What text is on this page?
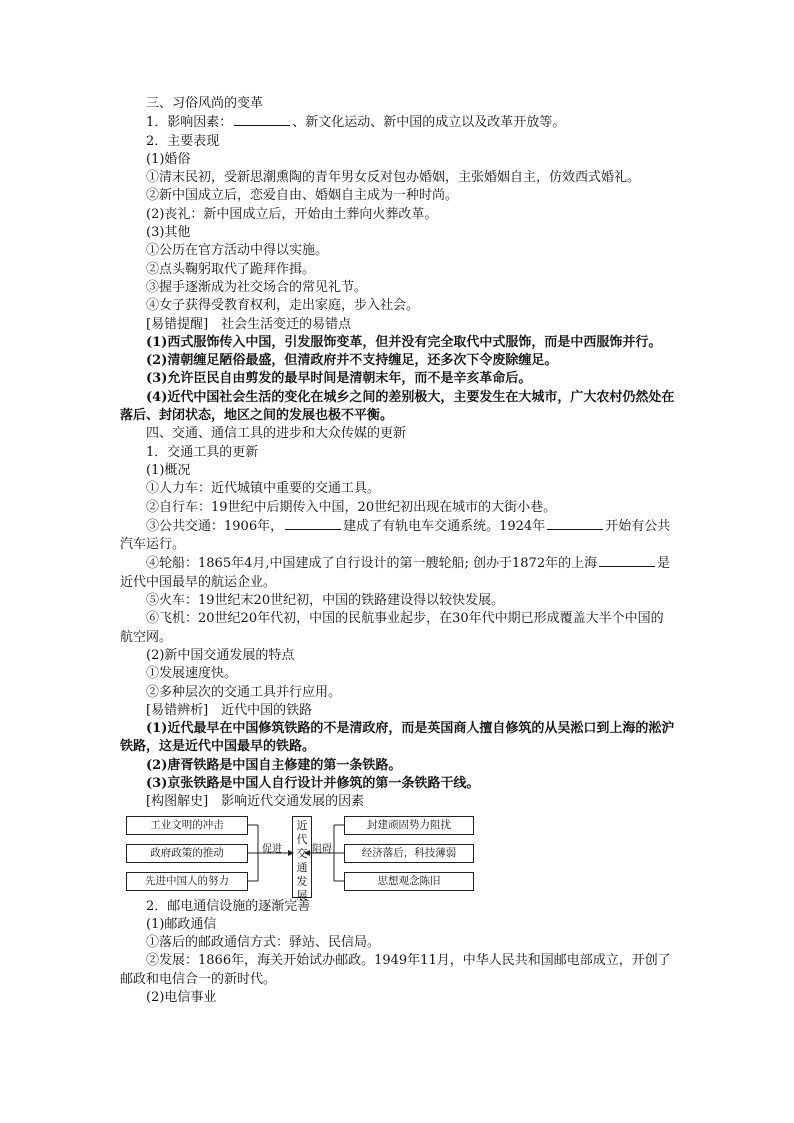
三、习俗风尚的变革
1．影响因素：	、新文化运动、新中国的成立以及改革开放等。
2．主要表现
(1)婚俗
①清末民初，受新思潮熏陶的青年男女反对包办婚姻，主张婚姻自主，仿效西式婚礼。
②新中国成立后，恋爱自由、婚姻自主成为一种时尚。
(2)丧礼：新中国成立后，开始由土葬向火葬改革。
(3)其他
①公历在官方活动中得以实施。
②点头鞠躬取代了跪拜作揖。
③握手逐渐成为社交场合的常见礼节。
④女子获得受教育权利，走出家庭，步入社会。
[易错提醒]　社会生活变迁的易错点
(1)西式服饰传入中国，引发服饰变革，但并没有完全取代中式服饰，而是中西服饰并行。
(2)清朝缠足陋俗最盛，但清政府并不支持缠足，还多次下令废除缠足。
(3)允许臣民自由剪发的最早时间是清朝末年，而不是辛亥革命后。
(4)近代中国社会生活的变化在城乡之间的差别极大，主要发生在大城市，广大农村仍然处在落后、封闭状态，地区之间的发展也极不平衡。
四、交通、通信工具的进步和大众传媒的更新
1．交通工具的更新
(1)概况
①人力车：近代城镇中重要的交通工具。
②自行车：19世纪中后期传入中国，20世纪初出现在城市的大街小巷。
③公共交通：1906年，	建成了有轨电车交通系统。1924年	开始有公共汽车运行。
④轮船：1865年4月,中国建成了自行设计的第一艘轮船; 创办于1872年的上海	是近代中国最早的航运企业。
⑤火车：19世纪末20世纪初，中国的铁路建设得以较快发展。
⑥飞机：20世纪20年代初，中国的民航事业起步，在30年代中期已形成覆盖大半个中国的航空网。
(2)新中国交通发展的特点
①发展速度快。
②多种层次的交通工具并行应用。
[易错辨析]　近代中国的铁路
(1)近代最早在中国修筑铁路的不是清政府，而是英国商人擅自修筑的从吴淞口到上海的淞沪铁路，这是近代中国最早的铁路。
(2)唐胥铁路是中国自主修建的第一条铁路。
(3)京张铁路是中国人自行设计并修筑的第一条铁路干线。
[构图解史]　影响近代交通发展的因素
工业文明的冲击
政府政策的推动
先进中国人的努力
促进
近
代
交
通
发
展
阻碍
封建顽固势力阻扰
经济落后，科技薄弱
思想观念陈旧
2．邮电通信设施的逐渐完善
(1)邮政通信
①落后的邮政通信方式：驿站、民信局。
②发展：1866年，海关开始试办邮政。1949年11月，中华人民共和国邮电部成立，开创了邮政和电信合一的新时代。
(2)电信事业
